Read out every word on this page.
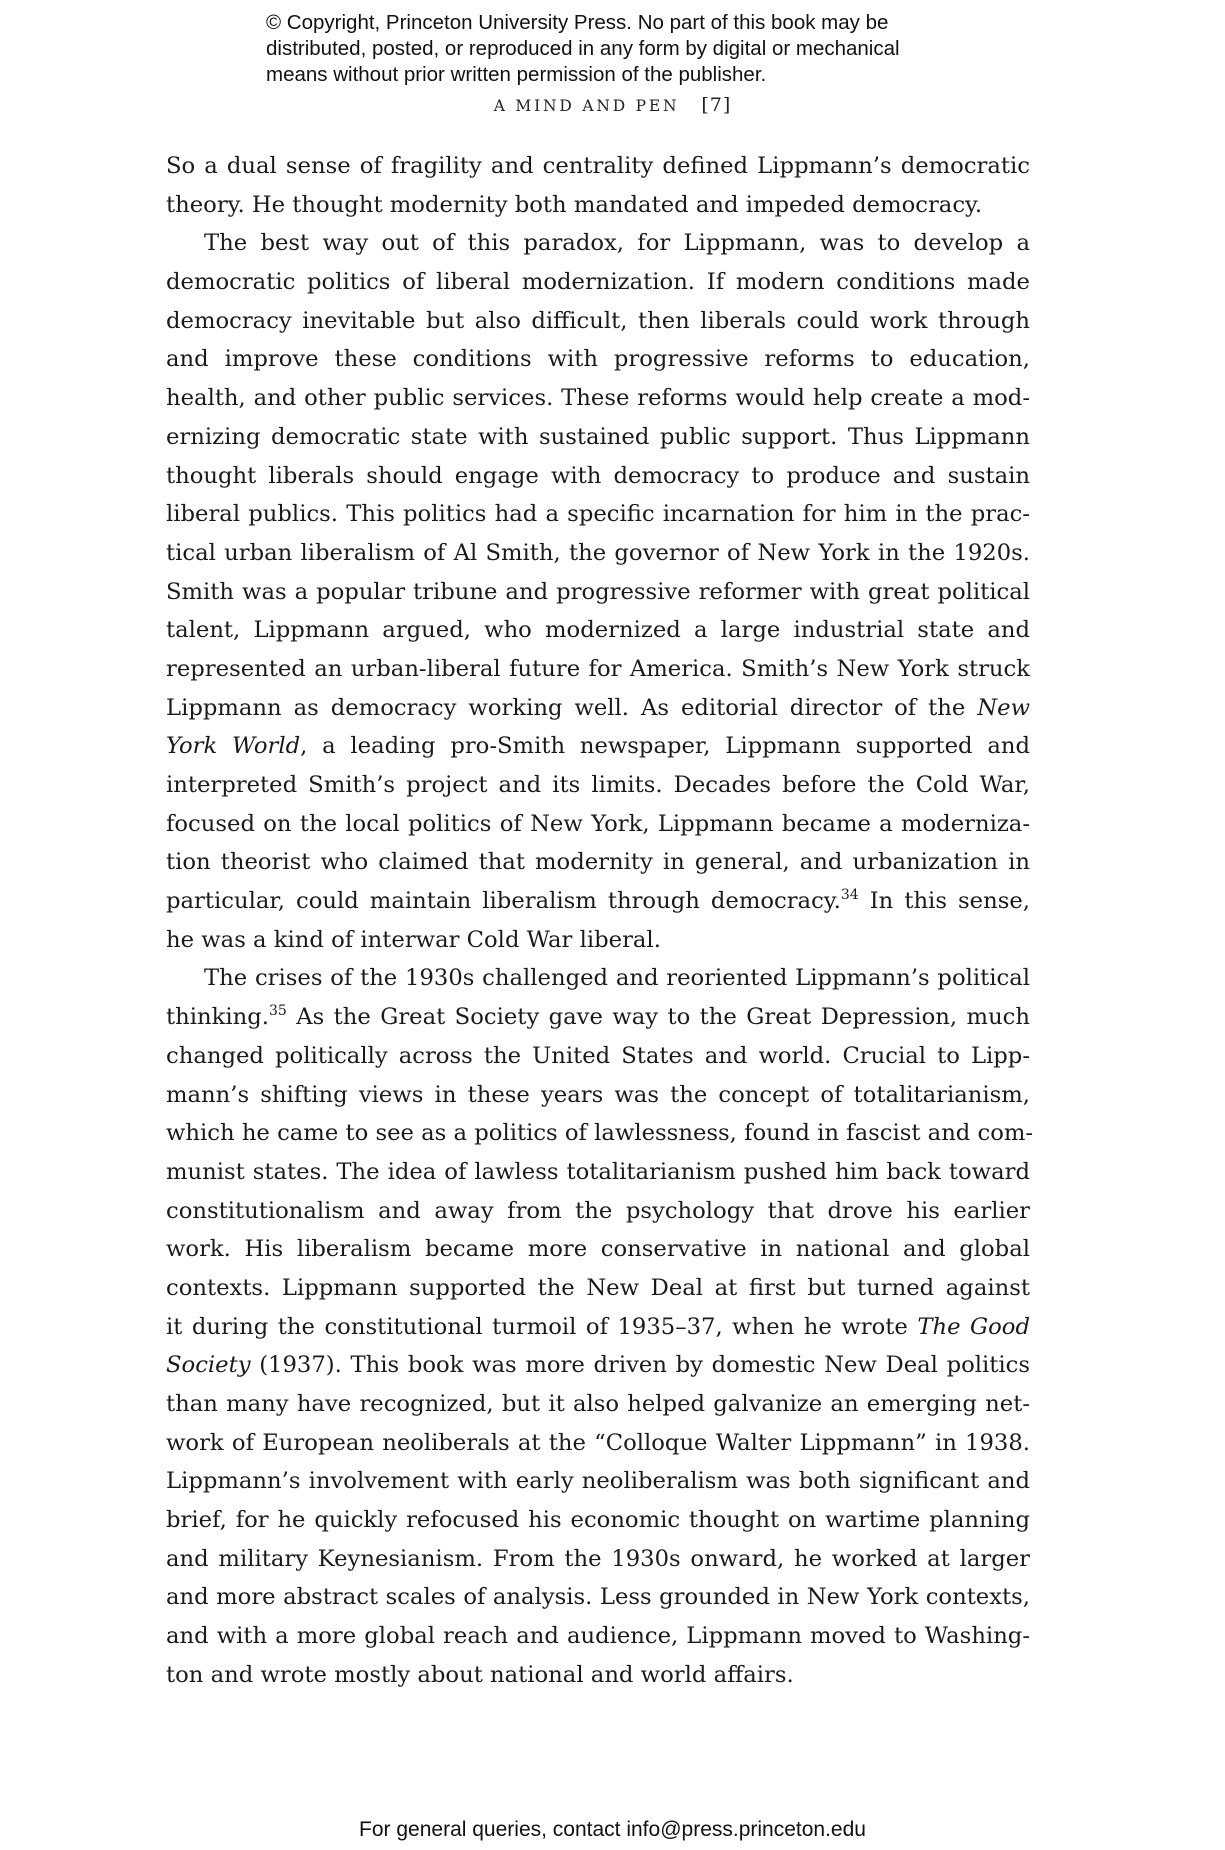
© Copyright, Princeton University Press. No part of this book may be
distributed, posted, or reproduced in any form by digital or mechanical
means without prior written permission of the publisher.
A MIND AND PEN [7]
So a dual sense of fragility and centrality defined Lippmann’s democratic
theory. He thought modernity both mandated and impeded democracy.
The best way out of this paradox, for Lippmann, was to develop a
democratic politics of liberal modernization. If modern conditions made
democracy inevitable but also difficult, then liberals could work through
and improve these conditions with progressive reforms to education,
health, and other public services. These reforms would help create a mod-
ernizing democratic state with sustained public support. Thus Lippmann
thought liberals should engage with democracy to produce and sustain
liberal publics. This politics had a specific incarnation for him in the prac-
tical urban liberalism of Al Smith, the governor of New York in the 1920s.
Smith was a popular tribune and progressive reformer with great political
talent, Lippmann argued, who modernized a large industrial state and
represented an urban-liberal future for America. Smith’s New York struck
Lippmann as democracy working well. As editorial director of the New
York World, a leading pro-Smith newspaper, Lippmann supported and
interpreted Smith’s project and its limits. Decades before the Cold War,
focused on the local politics of New York, Lippmann became a moderniza-
tion theorist who claimed that modernity in general, and urbanization in
particular, could maintain liberalism through democracy.$^{34}$ In this sense,
he was a kind of interwar Cold War liberal.
The crises of the 1930s challenged and reoriented Lippmann’s political
thinking.$^{35}$ As the Great Society gave way to the Great Depression, much
changed politically across the United States and world. Crucial to Lipp-
mann’s shifting views in these years was the concept of totalitarianism,
which he came to see as a politics of lawlessness, found in fascist and com-
munist states. The idea of lawless totalitarianism pushed him back toward
constitutionalism and away from the psychology that drove his earlier
work. His liberalism became more conservative in national and global
contexts. Lippmann supported the New Deal at first but turned against
it during the constitutional turmoil of 1935–37, when he wrote The Good
Society (1937). This book was more driven by domestic New Deal politics
than many have recognized, but it also helped galvanize an emerging net-
work of European neoliberals at the “Colloque Walter Lippmann” in 1938.
Lippmann’s involvement with early neoliberalism was both significant and
brief, for he quickly refocused his economic thought on wartime planning
and military Keynesianism. From the 1930s onward, he worked at larger
and more abstract scales of analysis. Less grounded in New York contexts,
and with a more global reach and audience, Lippmann moved to Washing-
ton and wrote mostly about national and world affairs.
For general queries, contact info@press.princeton.edu
